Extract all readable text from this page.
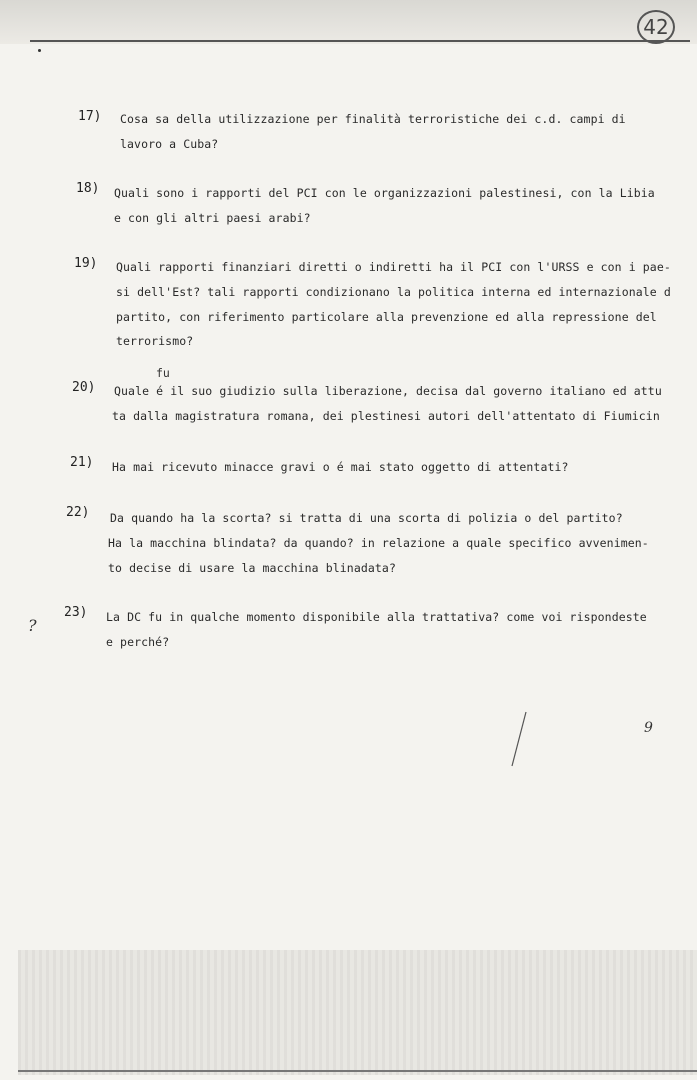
42
17) Cosa sa della utilizzazione per finalità terroristiche dei c.d. campi di
lavoro a Cuba?
18) Quali sono i rapporti del PCI con le organizzazioni palestinesi, con la Libia
e con gli altri paesi arabi?
19) Quali rapporti finanziari diretti o indiretti ha il PCI con l'URSS e con i pae-
si dell'Est? tali rapporti condizionano la politica interna ed internazionale d
partito, con riferimento particolare alla prevenzione ed alla repressione del
terrorismo?
fu
20) Quale é il suo giudizio sulla liberazione, decisa dal governo italiano ed attu
ta dalla magistratura romana, dei plestinesi autori dell'attentato di Fiumicin
21) Ha mai ricevuto minacce gravi o é mai stato oggetto di attentati?
22) Da quando ha la scorta? si tratta di una scorta di polizia o del partito?
Ha la macchina blindata? da quando? in relazione a quale specifico avvenimen-
to decise di usare la macchina blinadata?
23) La DC fu in qualche momento disponibile alla trattativa? come voi rispondeste
e perché?
?
9
